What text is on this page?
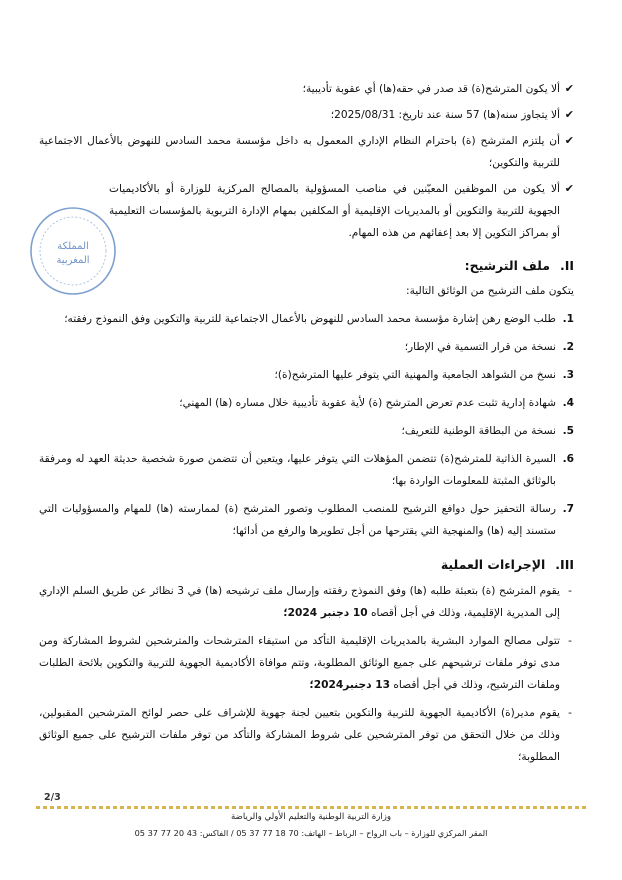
✔
ألا يكون المترشح(ة) قد صدر في حقه(ها) أي عقوبة تأديبية؛
✔
ألا يتجاوز سنه(ها) 57 سنة عند تاريخ: 2025/08/31؛
✔
أن يلتزم المترشح (ة) باحترام النظام الإداري المعمول به داخل مؤسسة محمد السادس للنهوض بالأعمال الاجتماعية للتربية والتكوين؛
✔
ألا يكون من الموظفين المعيّنين في مناصب المسؤولية بالمصالح المركزية للوزارة أو بالأكاديميات الجهوية للتربية والتكوين أو بالمديريات الإقليمية أو المكلفين بمهام الإدارة التربوية بالمؤسسات التعليمية أو بمراكز التكوين إلا بعد إعفائهم من هذه المهام.
المملكة
المغربية	II.ملف الترشيح:
يتكون ملف الترشيح من الوثائق التالية:
1.
طلب الوضع رهن إشارة مؤسسة محمد السادس للنهوض بالأعمال الاجتماعية للتربية والتكوين وفق النموذج رفقته؛
2.
نسخة من قرار التسمية في الإطار؛
3.
نسخ من الشواهد الجامعية والمهنية التي يتوفر عليها المترشح(ة)؛
4.
شهادة إدارية تثبت عدم تعرض المترشح (ة) لأية عقوبة تأديبية خلال مساره (ها) المهني؛
5.
نسخة من البطاقة الوطنية للتعريف؛
6.
السيرة الذاتية للمترشح(ة) تتضمن المؤهلات التي يتوفر عليها، ويتعين أن تتضمن صورة شخصية حديثة العهد له ومرفقة بالوثائق المثبتة للمعلومات الواردة بها؛
7.
رسالة التحفيز حول دوافع الترشيح للمنصب المطلوب وتصور المترشح (ة) لممارسته (ها) للمهام والمسؤوليات التي ستسند إليه (ها) والمنهجية التي يقترحها من أجل تطويرها والرفع من أدائها؛
III.الإجراءات العملية
-
يقوم المترشح (ة) بتعبئة طلبه (ها) وفق النموذج رفقته وإرسال ملف ترشيحه (ها) في 3 نظائر عن طريق السلم الإداري إلى المديرية الإقليمية، وذلك في أجل أقصاه 10 دجنبر 2024؛
-
تتولى مصالح الموارد البشرية بالمديريات الإقليمية التأكد من استيفاء المترشحات والمترشحين لشروط المشاركة ومن مدى توفر ملفات ترشيحهم على جميع الوثائق المطلوبة، وتتم موافاة الأكاديمية الجهوية للتربية والتكوين بلائحة الطلبات وملفات الترشيح، وذلك في أجل أقصاه 13 دجنبر2024؛
-
يقوم مدير(ة) الأكاديمية الجهوية للتربية والتكوين بتعيين لجنة جهوية للإشراف على حصر لوائح المترشحين المقبولين، وذلك من خلال التحقق من توفر المترشحين على شروط المشاركة والتأكد من توفر ملفات الترشيح على جميع الوثائق المطلوبة؛
2/3
وزارة التربية الوطنية والتعليم الأولي والرياضة
المقر المركزي للوزارة – باب الرواح – الرباط – الهاتف: 70 18 77 37 05 / الفاكس: 43 20 77 37 05
